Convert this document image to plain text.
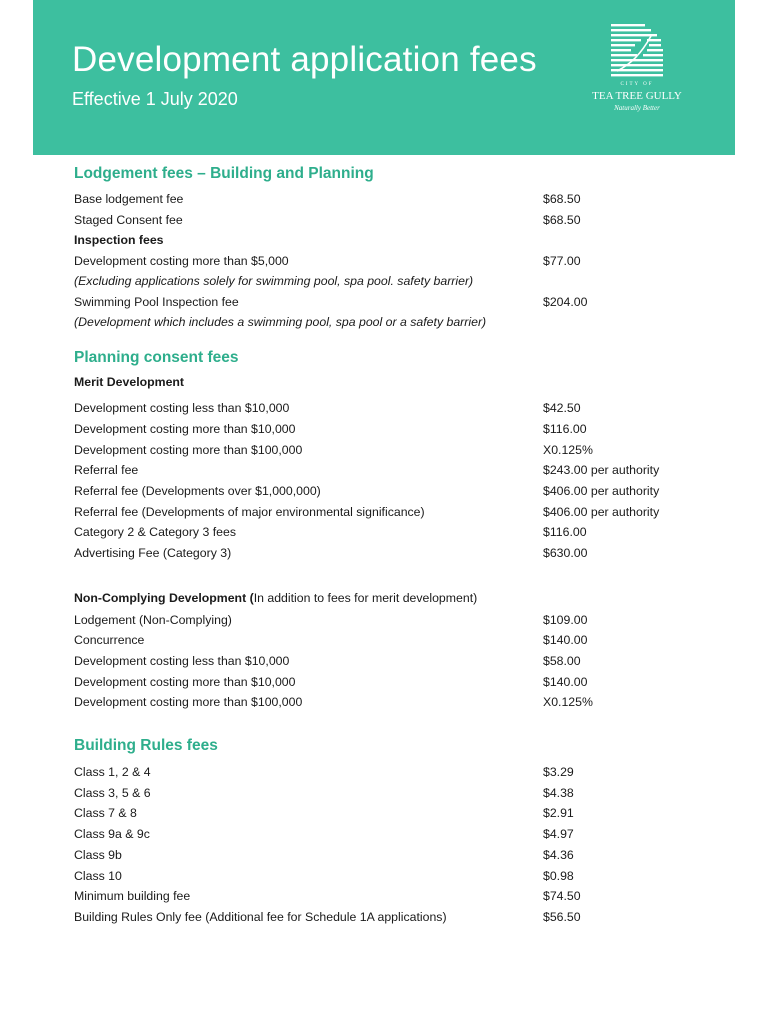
Development application fees

Effective 1 July 2020

CITY OF
TEA TREE GULLY
Naturally Better
Lodgement fees – Building and Planning
Base lodgement fee	$68.50
Staged Consent fee	$68.50
Inspection fees
Development costing more than $5,000	$77.00
(Excluding applications solely for swimming pool, spa pool. safety barrier)
Swimming Pool Inspection fee	$204.00
(Development which includes a swimming pool, spa pool or a safety barrier)
Planning consent fees
Merit Development
Development costing less than $10,000	$42.50
Development costing more than $10,000	$116.00
Development costing more than $100,000	X0.125%
Referral fee	$243.00 per authority
Referral fee (Developments over $1,000,000)	$406.00 per authority
Referral fee (Developments of major environmental significance)	$406.00 per authority
Category 2 & Category 3 fees	$116.00
Advertising Fee (Category 3)	$630.00
Non-Complying Development (In addition to fees for merit development)
Lodgement (Non-Complying)	$109.00
Concurrence	$140.00
Development costing less than $10,000	$58.00
Development costing more than $10,000	$140.00
Development costing more than $100,000	X0.125%
Building Rules fees
Class 1, 2 & 4	$3.29
Class 3, 5 & 6	$4.38
Class 7 & 8	$2.91
Class 9a & 9c	$4.97
Class 9b	$4.36
Class 10	$0.98
Minimum building fee	$74.50
Building Rules Only fee (Additional fee for Schedule 1A applications)	$56.50
